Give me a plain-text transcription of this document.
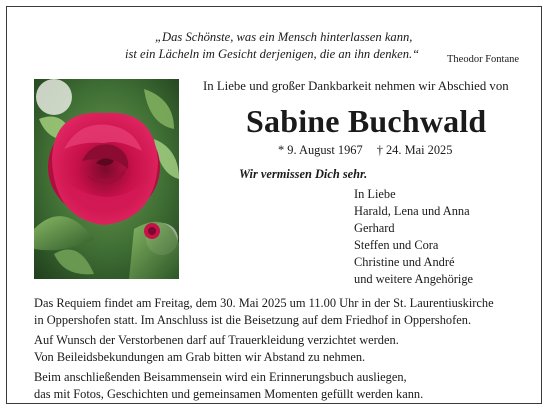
„Das Schönste, was ein Mensch hinterlassen kann,
ist ein Lächeln im Gesicht derjenigen, die an ihn denken.“	Theodor Fontane
In Liebe und großer Dankbarkeit nehmen wir Abschied von
Sabine Buchwald
* 9. August 1967 † 24. Mai 2025
Wir vermissen Dich sehr.
In Liebe
Harald, Lena und Anna
Gerhard
Steffen und Cora
Christine und André
und weitere Angehörige
Das Requiem findet am Freitag, dem 30. Mai 2025 um 11.00 Uhr in der St. Laurentiuskirche
in Oppershofen statt. Im Anschluss ist die Beisetzung auf dem Friedhof in Oppershofen.
Auf Wunsch der Verstorbenen darf auf Trauerkleidung verzichtet werden.
Von Beileidsbekundungen am Grab bitten wir Abstand zu nehmen.
Beim anschließenden Beisammensein wird ein Erinnerungsbuch ausliegen,
das mit Fotos, Geschichten und gemeinsamen Momenten gefüllt werden kann.
